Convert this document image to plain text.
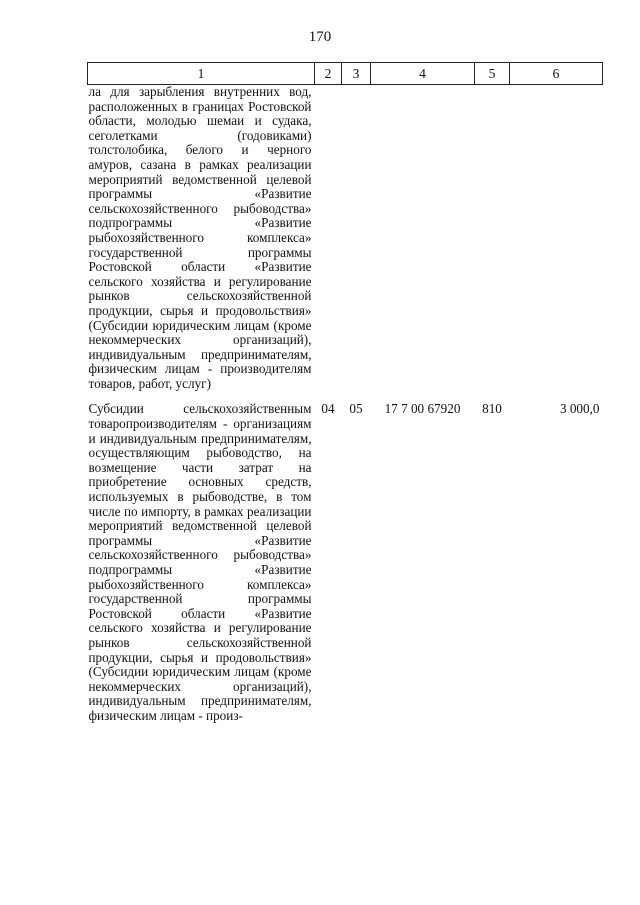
170
1	2	3	4	5	6
ла для зарыбления внутренних вод, расположенных в границах Ростовской области, молодью шемаи и судака, сеголетками (годовиками) толстолобика, белого и черного амуров, сазана в рамках реализации мероприятий ведомственной целевой программы «Развитие сельскохозяйственного рыбоводства» подпрограммы «Развитие рыбохозяйственного комплекса» государственной программы Ростовской области «Развитие сельского хозяйства и регулирование рынков сельскохозяйственной продукции, сырья и продовольствия» (Субсидии юридическим лицам (кроме некоммерческих организаций), индивидуальным предпринимателям, физическим лицам - производителям товаров, работ, услуг)					
Субсидии сельскохозяйственным товаропроизводителям - организациям и индивидуальным предпринимателям, осуществляющим рыбоводство, на возмещение части затрат на приобретение основных средств, используемых в рыбоводстве, в том числе по импорту, в рамках реализации мероприятий ведомственной целевой программы «Развитие сельскохозяйственного рыбоводства» подпрограммы «Развитие рыбохозяйственного комплекса» государственной программы Ростовской области «Развитие сельского хозяйства и регулирование рынков сельскохозяйственной продукции, сырья и продовольствия» (Субсидии юридическим лицам (кроме некоммерческих организаций), индивидуальным предпринимателям, физическим лицам - произ-	04	05	17 7 00 67920	810	3 000,0
